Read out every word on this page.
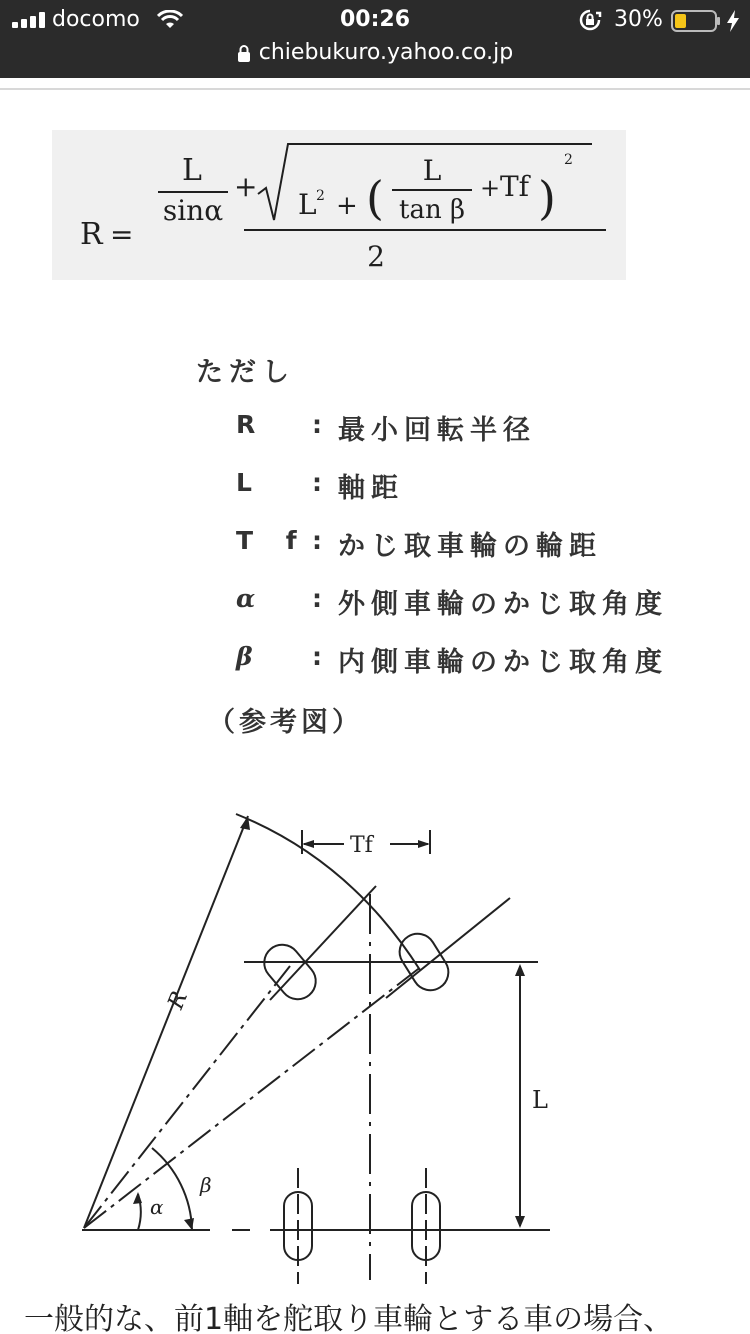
docomo	00:26	30%
chiebukuro.yahoo.co.jp
R =
L
sinα
+
L 2 + (
L
tan β
+ Tf )
2
2
ただし
R : 最小回転半径
L : 軸距
T f : かじ取車輪の輪距
α : 外側車輪のかじ取角度
β : 内側車輪のかじ取角度
（参考図）
Tf
L
R
α
β
一般的な、前1軸を舵取り車輪とする車の場合、
